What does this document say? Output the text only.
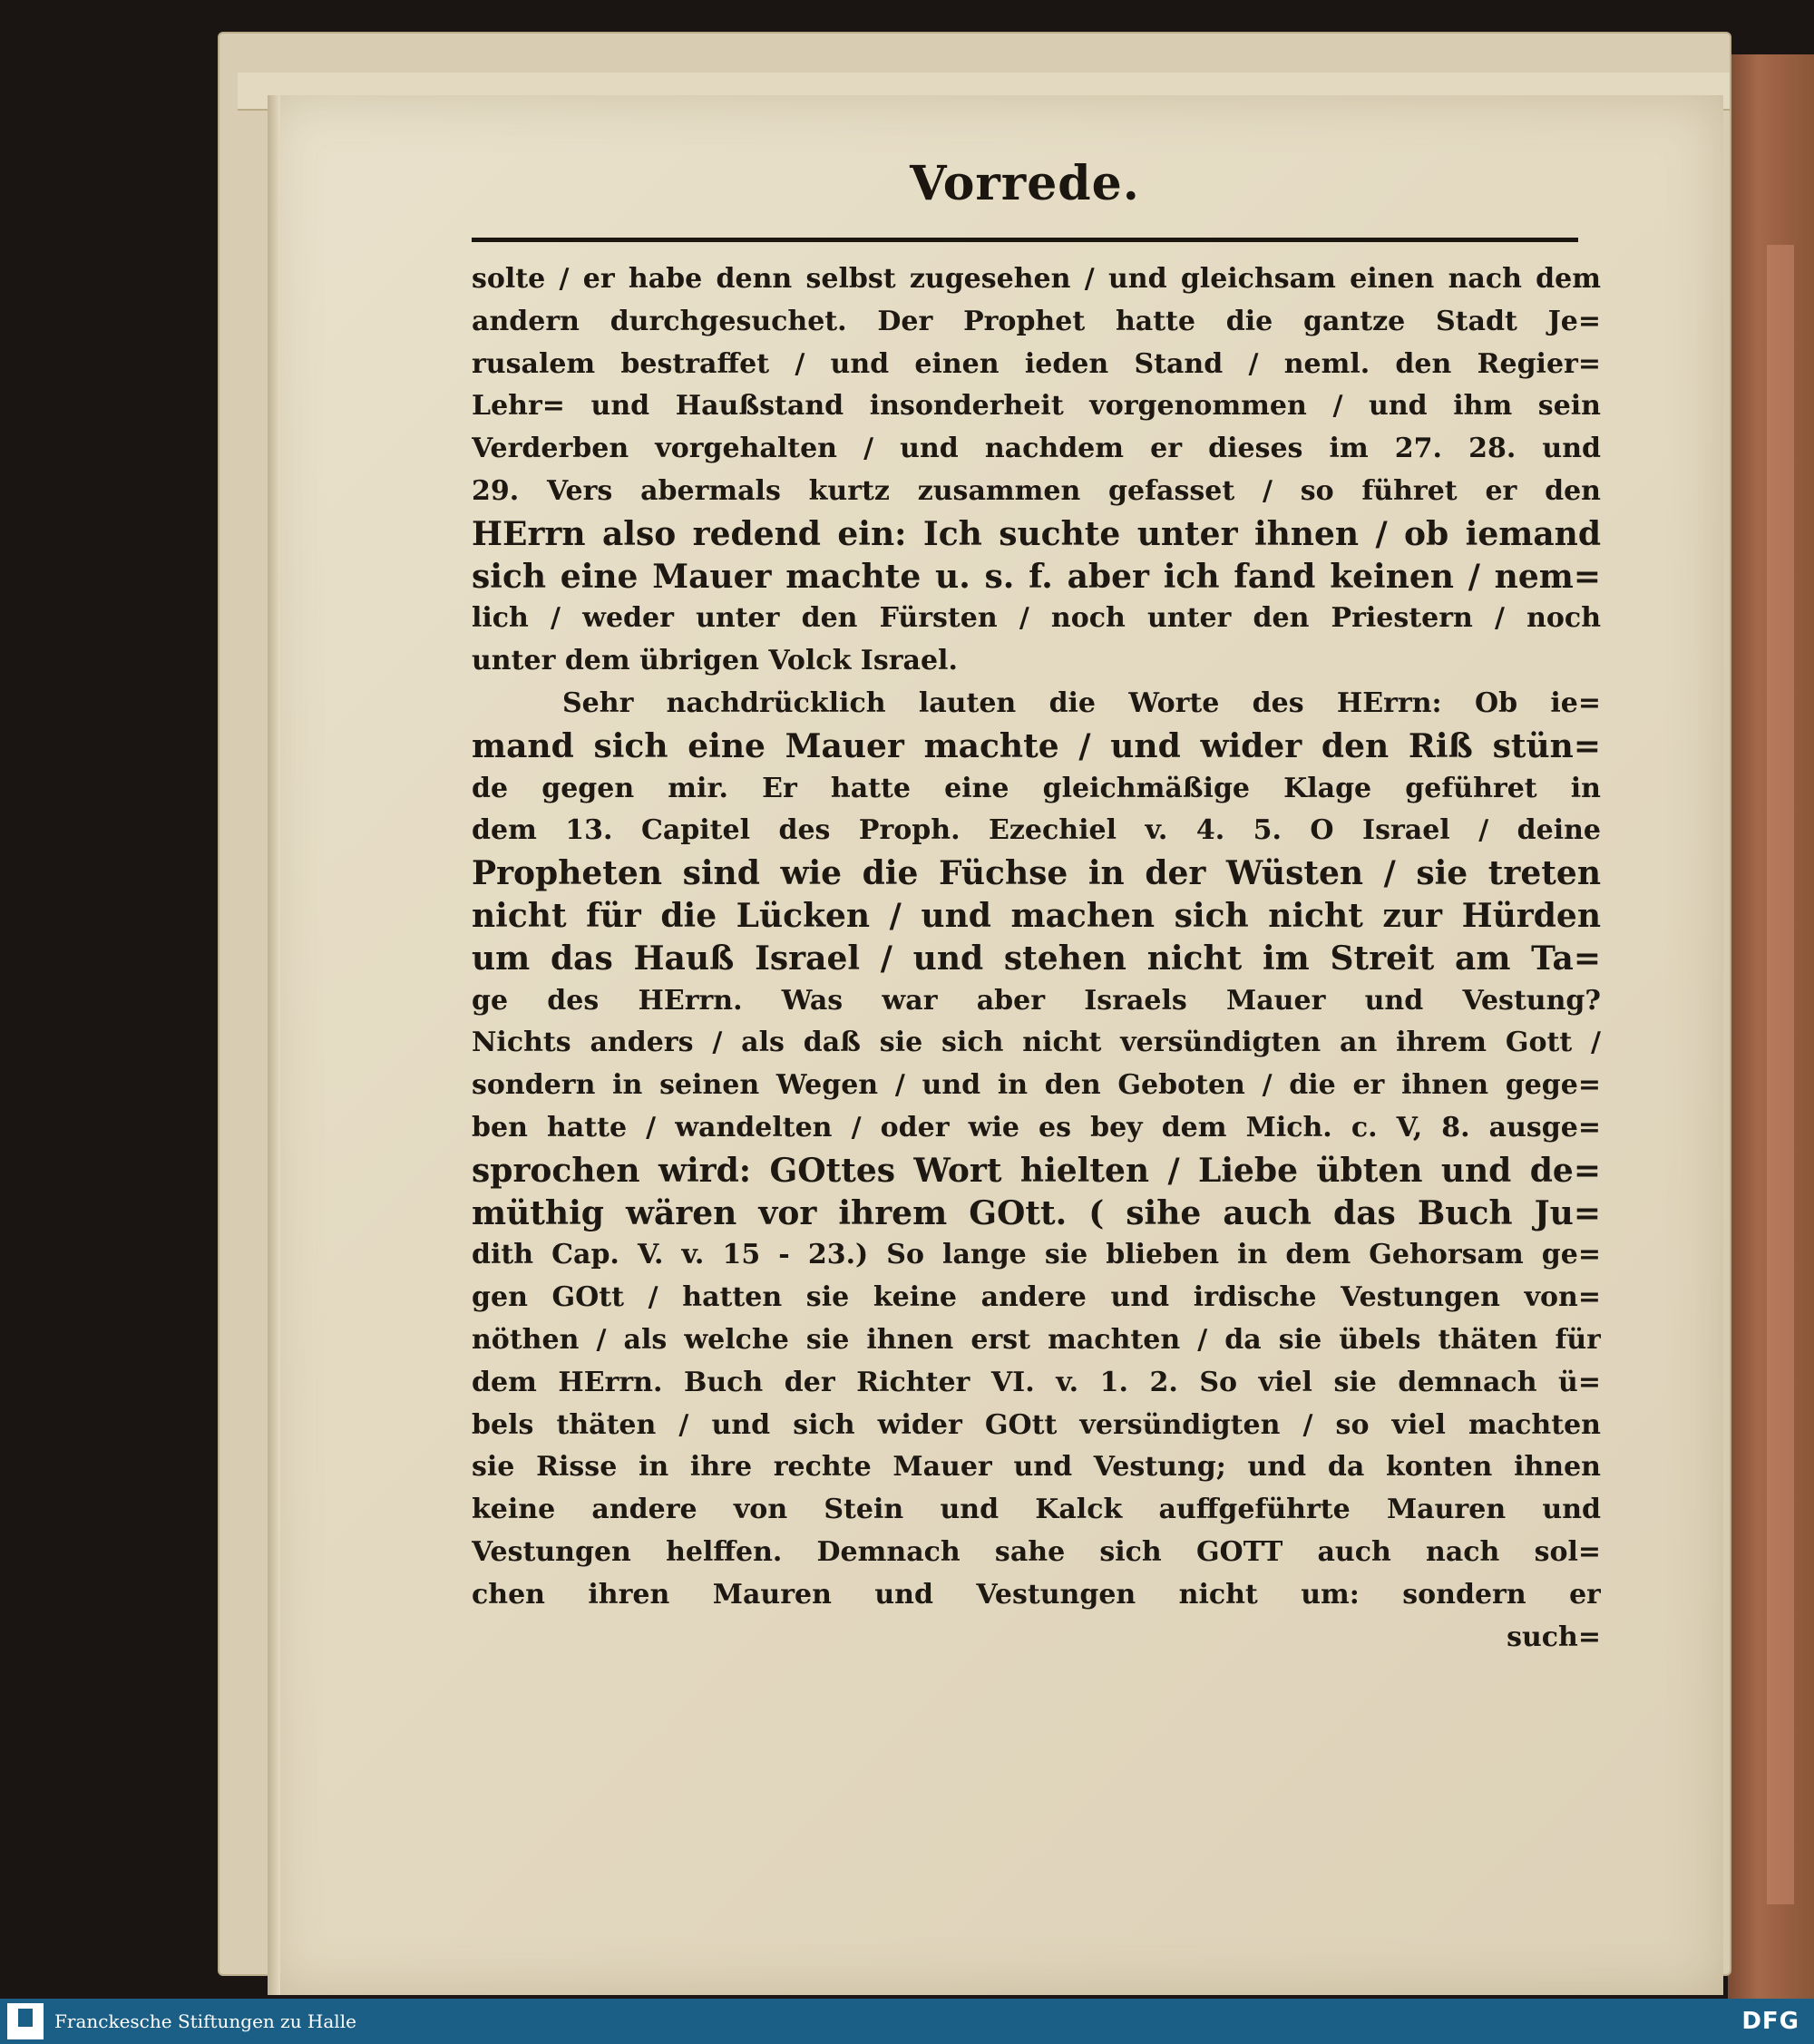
Vorrede.
solte / er habe denn selbst zugesehen / und gleichsam einen nach dem
andern durchgesuchet. Der Prophet hatte die gantze Stadt Je=
rusalem bestraffet / und einen ieden Stand / neml. den Regier=
Lehr= und Haußstand insonderheit vorgenommen / und ihm sein
Verderben vorgehalten / und nachdem er dieses im 27. 28. und
29. Vers abermals kurtz zusammen gefasset / so führet er den
HErrn also redend ein: Ich suchte unter ihnen / ob iemand
sich eine Mauer machte u. s. f. aber ich fand keinen / nem=
lich / weder unter den Fürsten / noch unter den Priestern / noch
unter dem übrigen Volck Israel.
Sehr nachdrücklich lauten die Worte des HErrn: Ob ie=
mand sich eine Mauer machte / und wider den Riß stün=
de gegen mir. Er hatte eine gleichmäßige Klage geführet in
dem 13. Capitel des Proph. Ezechiel v. 4. 5. O Israel / deine
Propheten sind wie die Füchse in der Wüsten / sie treten
nicht für die Lücken / und machen sich nicht zur Hürden
um das Hauß Israel / und stehen nicht im Streit am Ta=
ge des HErrn. Was war aber Israels Mauer und Vestung?
Nichts anders / als daß sie sich nicht versündigten an ihrem Gott /
sondern in seinen Wegen / und in den Geboten / die er ihnen gege=
ben hatte / wandelten / oder wie es bey dem Mich. c. V, 8. ausge=
sprochen wird: GOttes Wort hielten / Liebe übten und de=
müthig wären vor ihrem GOtt. ( sihe auch das Buch Ju=
dith Cap. V. v. 15 - 23.) So lange sie blieben in dem Gehorsam ge=
gen GOtt / hatten sie keine andere und irdische Vestungen von=
nöthen / als welche sie ihnen erst machten / da sie übels thäten für
dem HErrn. Buch der Richter VI. v. 1. 2. So viel sie demnach ü=
bels thäten / und sich wider GOtt versündigten / so viel machten
sie Risse in ihre rechte Mauer und Vestung; und da konten ihnen
keine andere von Stein und Kalck auffgeführte Mauren und
Vestungen helffen. Demnach sahe sich GOTT auch nach sol=
chen ihren Mauren und Vestungen nicht um: sondern er
such=
Franckesche Stiftungen zu Halle	DFG
